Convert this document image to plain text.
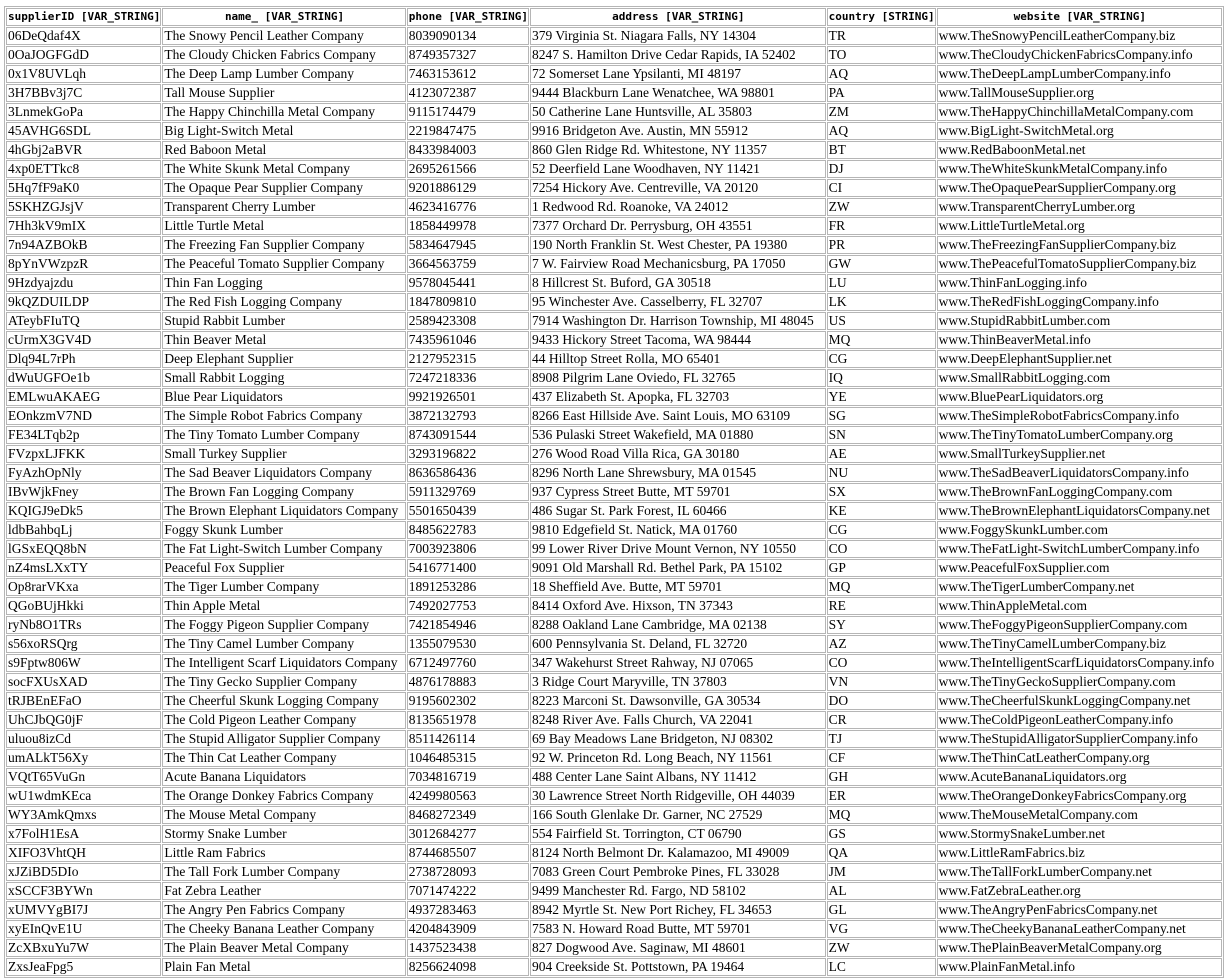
supplierID [VAR_STRING]	name_ [VAR_STRING]	phone [VAR_STRING]	address [VAR_STRING]	country [STRING]	website [VAR_STRING]
06DeQdaf4X	The Snowy Pencil Leather Company	8039090134	379 Virginia St. Niagara Falls, NY 14304	TR	www.TheSnowyPencilLeatherCompany.biz
0OaJOGFGdD	The Cloudy Chicken Fabrics Company	8749357327	8247 S. Hamilton Drive Cedar Rapids, IA 52402	TO	www.TheCloudyChickenFabricsCompany.info
0x1V8UVLqh	The Deep Lamp Lumber Company	7463153612	72 Somerset Lane Ypsilanti, MI 48197	AQ	www.TheDeepLampLumberCompany.info
3H7BBv3j7C	Tall Mouse Supplier	4123072387	9444 Blackburn Lane Wenatchee, WA 98801	PA	www.TallMouseSupplier.org
3LnmekGoPa	The Happy Chinchilla Metal Company	9115174479	50 Catherine Lane Huntsville, AL 35803	ZM	www.TheHappyChinchillaMetalCompany.com
45AVHG6SDL	Big Light-Switch Metal	2219847475	9916 Bridgeton Ave. Austin, MN 55912	AQ	www.BigLight-SwitchMetal.org
4hGbj2aBVR	Red Baboon Metal	8433984003	860 Glen Ridge Rd. Whitestone, NY 11357	BT	www.RedBaboonMetal.net
4xp0ETTkc8	The White Skunk Metal Company	2695261566	52 Deerfield Lane Woodhaven, NY 11421	DJ	www.TheWhiteSkunkMetalCompany.info
5Hq7fF9aK0	The Opaque Pear Supplier Company	9201886129	7254 Hickory Ave. Centreville, VA 20120	CI	www.TheOpaquePearSupplierCompany.org
5SKHZGJsjV	Transparent Cherry Lumber	4623416776	1 Redwood Rd. Roanoke, VA 24012	ZW	www.TransparentCherryLumber.org
7Hh3kV9mIX	Little Turtle Metal	1858449978	7377 Orchard Dr. Perrysburg, OH 43551	FR	www.LittleTurtleMetal.org
7n94AZBOkB	The Freezing Fan Supplier Company	5834647945	190 North Franklin St. West Chester, PA 19380	PR	www.TheFreezingFanSupplierCompany.biz
8pYnVWzpzR	The Peaceful Tomato Supplier Company	3664563759	7 W. Fairview Road Mechanicsburg, PA 17050	GW	www.ThePeacefulTomatoSupplierCompany.biz
9Hzdyajzdu	Thin Fan Logging	9578045441	8 Hillcrest St. Buford, GA 30518	LU	www.ThinFanLogging.info
9kQZDUILDP	The Red Fish Logging Company	1847809810	95 Winchester Ave. Casselberry, FL 32707	LK	www.TheRedFishLoggingCompany.info
ATeybFIuTQ	Stupid Rabbit Lumber	2589423308	7914 Washington Dr. Harrison Township, MI 48045	US	www.StupidRabbitLumber.com
cUrmX3GV4D	Thin Beaver Metal	7435961046	9433 Hickory Street Tacoma, WA 98444	MQ	www.ThinBeaverMetal.info
Dlq94L7rPh	Deep Elephant Supplier	2127952315	44 Hilltop Street Rolla, MO 65401	CG	www.DeepElephantSupplier.net
dWuUGFOe1b	Small Rabbit Logging	7247218336	8908 Pilgrim Lane Oviedo, FL 32765	IQ	www.SmallRabbitLogging.com
EMLwuAKAEG	Blue Pear Liquidators	9921926501	437 Elizabeth St. Apopka, FL 32703	YE	www.BluePearLiquidators.org
EOnkzmV7ND	The Simple Robot Fabrics Company	3872132793	8266 East Hillside Ave. Saint Louis, MO 63109	SG	www.TheSimpleRobotFabricsCompany.info
FE34LTqb2p	The Tiny Tomato Lumber Company	8743091544	536 Pulaski Street Wakefield, MA 01880	SN	www.TheTinyTomatoLumberCompany.org
FVzpxLJFKK	Small Turkey Supplier	3293196822	276 Wood Road Villa Rica, GA 30180	AE	www.SmallTurkeySupplier.net
FyAzhOpNly	The Sad Beaver Liquidators Company	8636586436	8296 North Lane Shrewsbury, MA 01545	NU	www.TheSadBeaverLiquidatorsCompany.info
IBvWjkFney	The Brown Fan Logging Company	5911329769	937 Cypress Street Butte, MT 59701	SX	www.TheBrownFanLoggingCompany.com
KQIGJ9eDk5	The Brown Elephant Liquidators Company	5501650439	486 Sugar St. Park Forest, IL 60466	KE	www.TheBrownElephantLiquidatorsCompany.net
ldbBahbqLj	Foggy Skunk Lumber	8485622783	9810 Edgefield St. Natick, MA 01760	CG	www.FoggySkunkLumber.com
lGSxEQQ8bN	The Fat Light-Switch Lumber Company	7003923806	99 Lower River Drive Mount Vernon, NY 10550	CO	www.TheFatLight-SwitchLumberCompany.info
nZ4msLXxTY	Peaceful Fox Supplier	5416771400	9091 Old Marshall Rd. Bethel Park, PA 15102	GP	www.PeacefulFoxSupplier.com
Op8rarVKxa	The Tiger Lumber Company	1891253286	18 Sheffield Ave. Butte, MT 59701	MQ	www.TheTigerLumberCompany.net
QGoBUjHkki	Thin Apple Metal	7492027753	8414 Oxford Ave. Hixson, TN 37343	RE	www.ThinAppleMetal.com
ryNb8O1TRs	The Foggy Pigeon Supplier Company	7421854946	8288 Oakland Lane Cambridge, MA 02138	SY	www.TheFoggyPigeonSupplierCompany.com
s56xoRSQrg	The Tiny Camel Lumber Company	1355079530	600 Pennsylvania St. Deland, FL 32720	AZ	www.TheTinyCamelLumberCompany.biz
s9Fptw806W	The Intelligent Scarf Liquidators Company	6712497760	347 Wakehurst Street Rahway, NJ 07065	CO	www.TheIntelligentScarfLiquidatorsCompany.info
socFXUsXAD	The Tiny Gecko Supplier Company	4876178883	3 Ridge Court Maryville, TN 37803	VN	www.TheTinyGeckoSupplierCompany.com
tRJBEnEFaO	The Cheerful Skunk Logging Company	9195602302	8223 Marconi St. Dawsonville, GA 30534	DO	www.TheCheerfulSkunkLoggingCompany.net
UhCJbQG0jF	The Cold Pigeon Leather Company	8135651978	8248 River Ave. Falls Church, VA 22041	CR	www.TheColdPigeonLeatherCompany.info
uluou8izCd	The Stupid Alligator Supplier Company	8511426114	69 Bay Meadows Lane Bridgeton, NJ 08302	TJ	www.TheStupidAlligatorSupplierCompany.info
umALkT56Xy	The Thin Cat Leather Company	1046485315	92 W. Princeton Rd. Long Beach, NY 11561	CF	www.TheThinCatLeatherCompany.org
VQtT65VuGn	Acute Banana Liquidators	7034816719	488 Center Lane Saint Albans, NY 11412	GH	www.AcuteBananaLiquidators.org
wU1wdmKEca	The Orange Donkey Fabrics Company	4249980563	30 Lawrence Street North Ridgeville, OH 44039	ER	www.TheOrangeDonkeyFabricsCompany.org
WY3AmkQmxs	The Mouse Metal Company	8468272349	166 South Glenlake Dr. Garner, NC 27529	MQ	www.TheMouseMetalCompany.com
x7FolH1EsA	Stormy Snake Lumber	3012684277	554 Fairfield St. Torrington, CT 06790	GS	www.StormySnakeLumber.net
XIFO3VhtQH	Little Ram Fabrics	8744685507	8124 North Belmont Dr. Kalamazoo, MI 49009	QA	www.LittleRamFabrics.biz
xJZiBD5DIo	The Tall Fork Lumber Company	2738728093	7083 Green Court Pembroke Pines, FL 33028	JM	www.TheTallForkLumberCompany.net
xSCCF3BYWn	Fat Zebra Leather	7071474222	9499 Manchester Rd. Fargo, ND 58102	AL	www.FatZebraLeather.org
xUMVYgBI7J	The Angry Pen Fabrics Company	4937283463	8942 Myrtle St. New Port Richey, FL 34653	GL	www.TheAngryPenFabricsCompany.net
xyEInQvE1U	The Cheeky Banana Leather Company	4204843909	7583 N. Howard Road Butte, MT 59701	VG	www.TheCheekyBananaLeatherCompany.net
ZcXBxuYu7W	The Plain Beaver Metal Company	1437523438	827 Dogwood Ave. Saginaw, MI 48601	ZW	www.ThePlainBeaverMetalCompany.org
ZxsJeaFpg5	Plain Fan Metal	8256624098	904 Creekside St. Pottstown, PA 19464	LC	www.PlainFanMetal.info
